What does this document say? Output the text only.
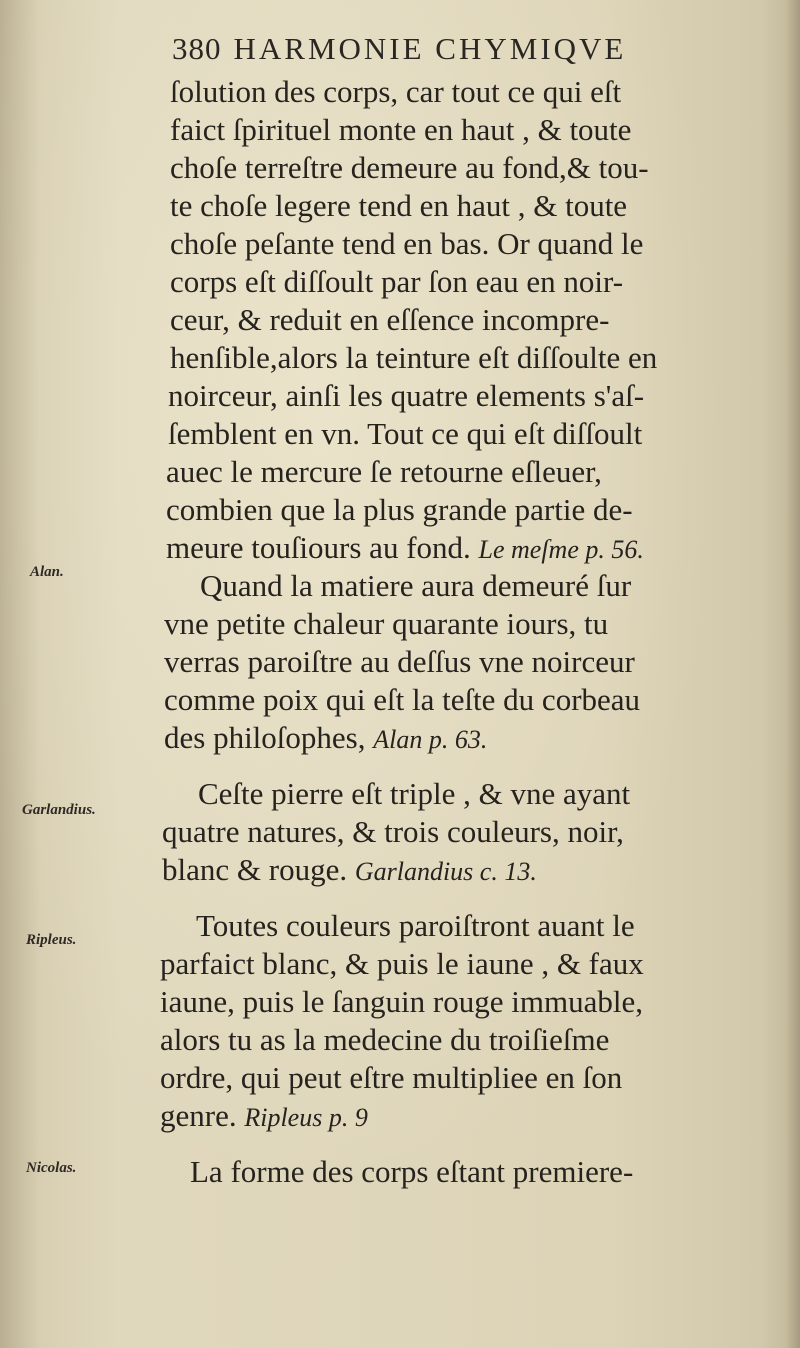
380 HARMONIE CHYMIQVE
ſolution des corps, car tout ce qui eſt
faict ſpirituel monte en haut , & toute
choſe terreſtre demeure au fond,& tou-
te choſe legere tend en haut , & toute
choſe peſante tend en bas. Or quand le
corps eſt diſſoult par ſon eau en noir-
ceur, & reduit en eſſence incompre-
henſible,alors la teinture eſt diſſoulte en
noirceur, ainſi les quatre elements s'aſ-
ſemblent en vn. Tout ce qui eſt diſſoult
auec le mercure ſe retourne eſleuer,
combien que la plus grande partie de-
meure touſiours au fond. Le meſme p. 56.
Quand la matiere aura demeuré ſur
vne petite chaleur quarante iours, tu
verras paroiſtre au deſſus vne noirceur
comme poix qui eſt la teſte du corbeau
des philoſophes, Alan p. 63.
Ceſte pierre eſt triple , & vne ayant
quatre natures, & trois couleurs, noir,
blanc & rouge. Garlandius c. 13.
Toutes couleurs paroiſtront auant le
parfaict blanc, & puis le iaune , & faux
iaune, puis le ſanguin rouge immuable,
alors tu as la medecine du troiſieſme
ordre, qui peut eſtre multipliee en ſon
genre. Ripleus p. 9
La forme des corps eſtant premiere-
Alan.
Garlandius.
Ripleus.
Nicolas.
